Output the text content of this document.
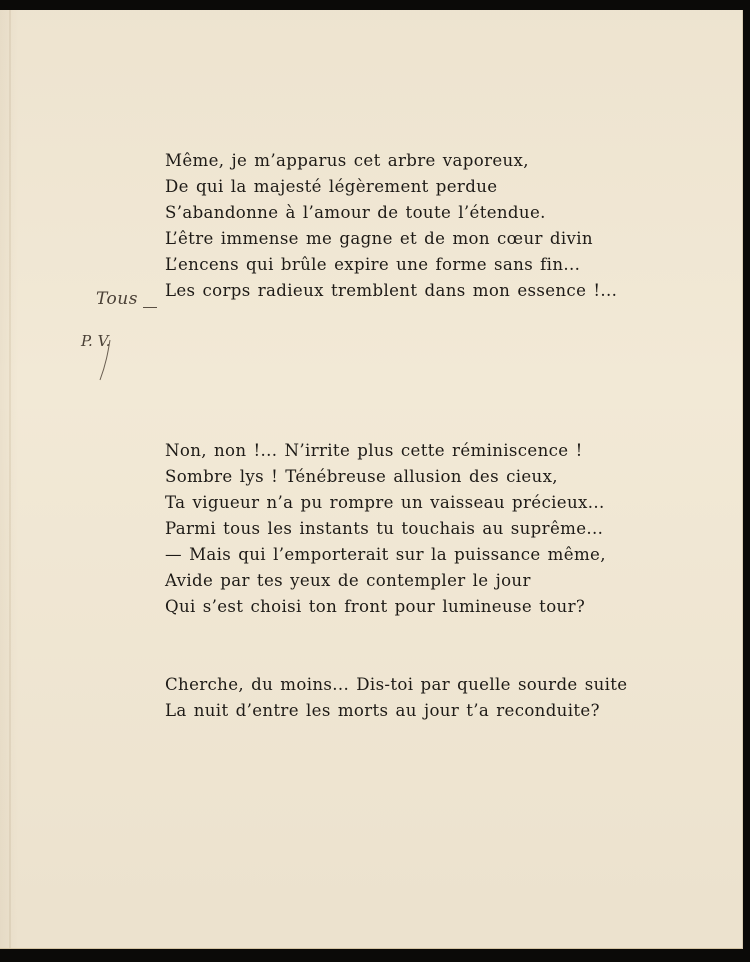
Même, je m’apparus cet arbre vaporeux,
De qui la majesté légèrement perdue
S’abandonne à l’amour de toute l’étendue.
L’être immense me gagne et de mon cœur divin
L’encens qui brûle expire une forme sans fin...
Les corps radieux tremblent dans mon essence !...
Non, non !... N’irrite plus cette réminiscence !
Sombre lys ! Ténébreuse allusion des cieux,
Ta vigueur n’a pu rompre un vaisseau précieux...
Parmi tous les instants tu touchais au suprême...
— Mais qui l’emporterait sur la puissance même,
Avide par tes yeux de contempler le jour
Qui s’est choisi ton front pour lumineuse tour?
Cherche, du moins... Dis-toi par quelle sourde suite
La nuit d’entre les morts au jour t’a reconduite?
Tous
P. V.
